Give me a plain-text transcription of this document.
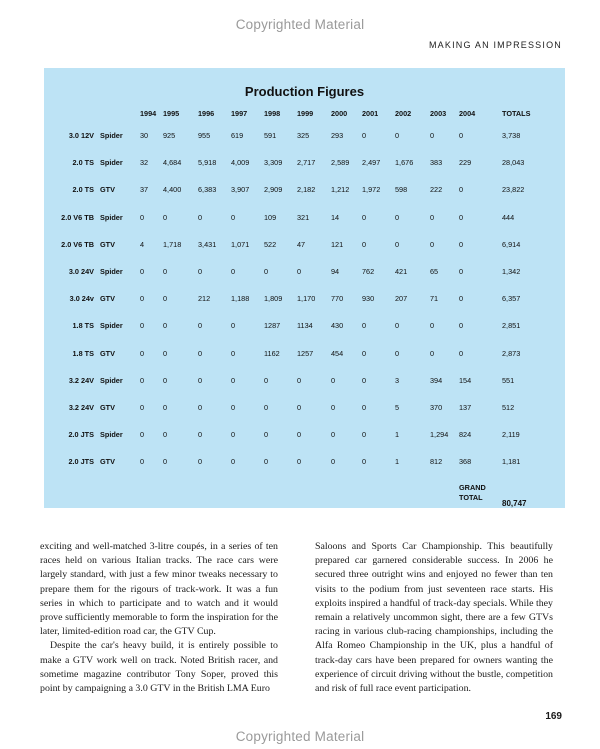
Copyrighted Material
MAKING AN IMPRESSION
Production Figures
		1994	1995	1996	1997	1998	1999	2000	2001	2002	2003	2004	TOTALS
3.0 12V	Spider	30	925	955	619	591	325	293	0	0	0	0	3,738
2.0 TS	Spider	32	4,684	5,918	4,009	3,309	2,717	2,589	2,497	1,676	383	229	28,043
2.0 TS	GTV	37	4,400	6,383	3,907	2,909	2,182	1,212	1,972	598	222	0	23,822
2.0 V6 TB	Spider	0	0	0	0	109	321	14	0	0	0	0	444
2.0 V6 TB	GTV	4	1,718	3,431	1,071	522	47	121	0	0	0	0	6,914
3.0 24V	Spider	0	0	0	0	0	0	94	762	421	65	0	1,342
3.0 24v	GTV	0	0	212	1,188	1,809	1,170	770	930	207	71	0	6,357
1.8 TS	Spider	0	0	0	0	1287	1134	430	0	0	0	0	2,851
1.8 TS	GTV	0	0	0	0	1162	1257	454	0	0	0	0	2,873
3.2 24V	Spider	0	0	0	0	0	0	0	0	3	394	154	551
3.2 24V	GTV	0	0	0	0	0	0	0	0	5	370	137	512
2.0 JTS	Spider	0	0	0	0	0	0	0	0	1	1,294	824	2,119
2.0 JTS	GTV	0	0	0	0	0	0	0	0	1	812	368	1,181

												GRAND
TOTAL	80,747

exciting and well-matched 3-litre coupés, in a series of ten races held on various Italian tracks. The race cars were largely standard, with just a few minor tweaks necessary to prepare them for the rigours of track-work. It was a fun series in which to participate and to watch and it would prove sufficiently memorable to form the inspiration for the later, limited-edition road car, the GTV Cup.

Despite the car's heavy build, it is entirely possible to make a GTV work well on track. Noted British racer, and sometime magazine contributor Tony Soper, proved this point by campaigning a 3.0 GTV in the British LMA Euro

Saloons and Sports Car Championship. This beautifully prepared car garnered considerable success. In 2006 he secured three outright wins and enjoyed no fewer than ten visits to the podium from just seventeen race starts. His exploits inspired a handful of track-day specials. While they remain a relatively uncommon sight, there are a few GTVs racing in various club-racing championships, including the Alfa Romeo Championship in the UK, plus a handful of track-day cars have been prepared for owners wanting the experience of circuit driving without the bustle, competition and risk of full race event participation.

169
Copyrighted Material
